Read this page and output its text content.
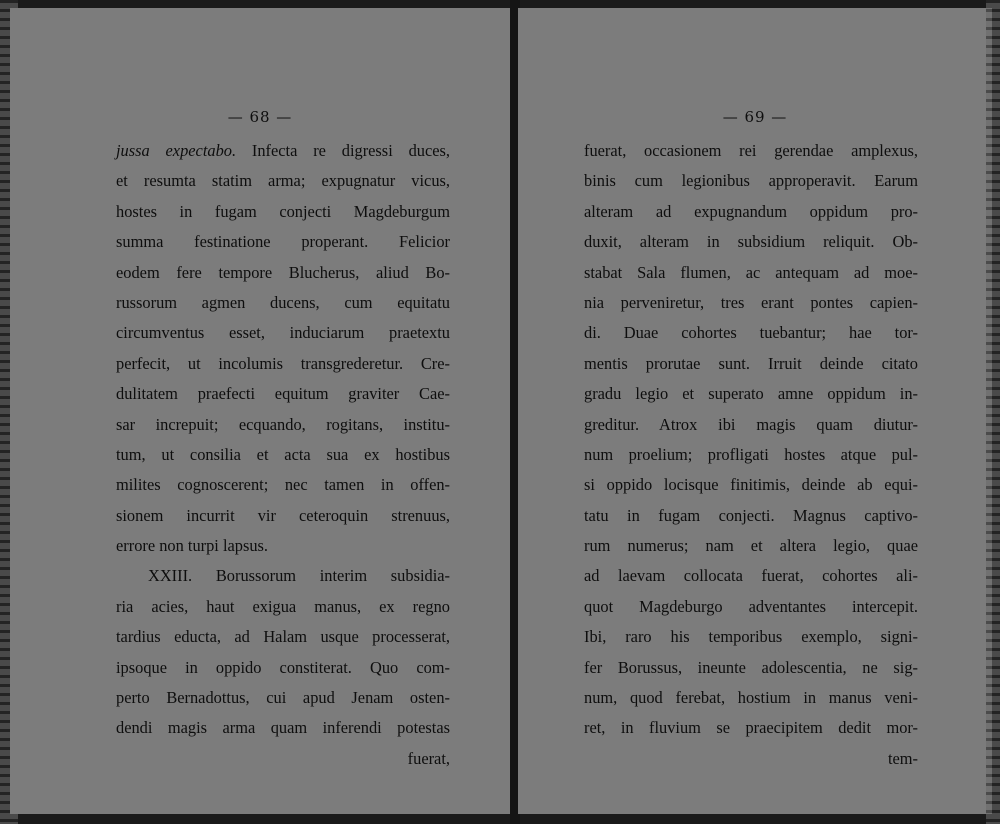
— 68 —
jussa expectabo. Infecta re digressi duces,
et resumta statim arma; expugnatur vicus,
hostes in fugam conjecti Magdeburgum
summa festinatione properant. Felicior
eodem fere tempore Blucherus, aliud Bo-
russorum agmen ducens, cum equitatu
circumventus esset, induciarum praetextu
perfecit, ut incolumis transgrederetur. Cre-
dulitatem praefecti equitum graviter Cae-
sar increpuit; ecquando, rogitans, institu-
tum, ut consilia et acta sua ex hostibus
milites cognoscerent; nec tamen in offen-
sionem incurrit vir ceteroquin strenuus,
errore non turpi lapsus.
XXIII. Borussorum interim subsidia-
ria acies, haut exigua manus, ex regno
tardius educta, ad Halam usque processerat,
ipsoque in oppido constiterat. Quo com-
perto Bernadottus, cui apud Jenam osten-
dendi magis arma quam inferendi potestas
fuerat,
— 69 —
fuerat, occasionem rei gerendae amplexus,
binis cum legionibus approperavit. Earum
alteram ad expugnandum oppidum pro-
duxit, alteram in subsidium reliquit. Ob-
stabat Sala flumen, ac antequam ad moe-
nia perveniretur, tres erant pontes capien-
di. Duae cohortes tuebantur; hae tor-
mentis prorutae sunt. Irruit deinde citato
gradu legio et superato amne oppidum in-
greditur. Atrox ibi magis quam diutur-
num proelium; profligati hostes atque pul-
si oppido locisque finitimis, deinde ab equi-
tatu in fugam conjecti. Magnus captivo-
rum numerus; nam et altera legio, quae
ad laevam collocata fuerat, cohortes ali-
quot Magdeburgo adventantes intercepit.
Ibi, raro his temporibus exemplo, signi-
fer Borussus, ineunte adolescentia, ne sig-
num, quod ferebat, hostium in manus veni-
ret, in fluvium se praecipitem dedit mor-
tem-
